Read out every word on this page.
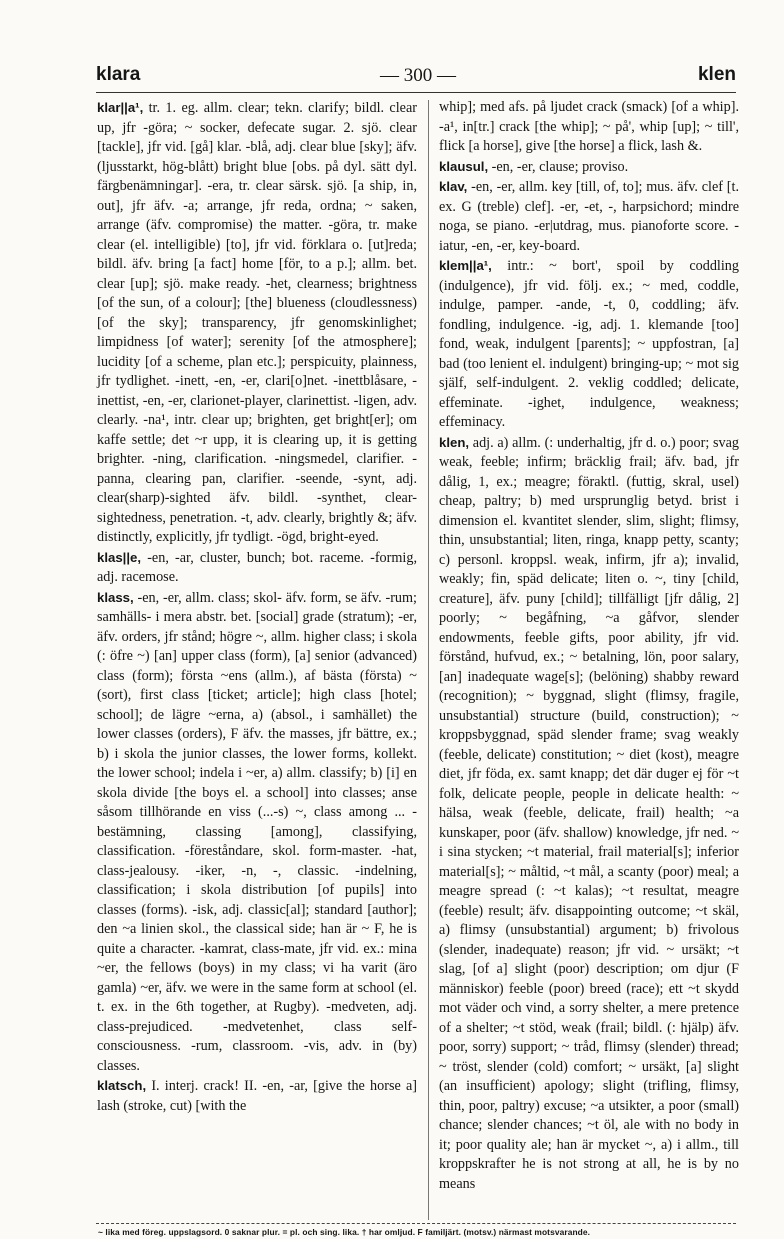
klara	— 300 —	klen

klar||a¹, tr. 1. eg. allm. clear; tekn. clarify; bildl. clear up, jfr -göra; ~ socker, defecate sugar. 2. sjö. clear [tackle], jfr vid. [gå] klar. -blå, adj. clear blue [sky]; äfv. (ljusstarkt, hög-blått) bright blue [obs. på dyl. sätt dyl. färgbenämningar]. -era, tr. clear särsk. sjö. [a ship, in, out], jfr äfv. -a; arrange, jfr reda, ordna; ~ saken, arrange (äfv. compromise) the matter. -göra, tr. make clear (el. intelligible) [to], jfr vid. förklara o. [ut]reda; bildl. äfv. bring [a fact] home [för, to a p.]; allm. bet. clear [up]; sjö. make ready. -het, clearness; brightness [of the sun, of a colour]; [the] blueness (cloudlessness) [of the sky]; transparency, jfr genomskinlighet; limpidness [of water]; serenity [of the atmosphere]; lucidity [of a scheme, plan etc.]; perspicuity, plainness, jfr tydlighet. -inett, -en, -er, clari[o]net. -inettblåsare, -inettist, -en, -er, clarionet-player, clarinettist. -ligen, adv. clearly. -na¹, intr. clear up; brighten, get bright[er]; om kaffe settle; det ~r upp, it is clearing up, it is getting brighter. -ning, clarification. -ningsmedel, clarifier. -panna, clearing pan, clarifier. -seende, -synt, adj. clear(sharp)-sighted äfv. bildl. -synthet, clear-sightedness, penetration. -t, adv. clearly, brightly &; äfv. distinctly, explicitly, jfr tydligt. -ögd, bright-eyed.

klas||e, -en, -ar, cluster, bunch; bot. raceme. -formig, adj. racemose.

klass, -en, -er, allm. class; skol- äfv. form, se äfv. -rum; samhälls- i mera abstr. bet. [social] grade (stratum); -er, äfv. orders, jfr stånd; högre ~, allm. higher class; i skola (: öfre ~) [an] upper class (form), [a] senior (advanced) class (form); första ~ens (allm.), af bästa (första) ~ (sort), first class [ticket; article]; high class [hotel; school]; de lägre ~erna, a) (absol., i samhället) the lower classes (orders), F äfv. the masses, jfr bättre, ex.; b) i skola the junior classes, the lower forms, kollekt. the lower school; indela i ~er, a) allm. classify; b) [i] en skola divide [the boys el. a school] into classes; anse såsom tillhörande en viss (...-s) ~, class among ... -bestämning, classing [among], classifying, classification. -föreståndare, skol. form-master. -hat, class-jealousy. -iker, -n, -, classic. -indelning, classification; i skola distribution [of pupils] into classes (forms). -isk, adj. classic[al]; standard [author]; den ~a linien skol., the classical side; han är ~ F, he is quite a character. -kamrat, class-mate, jfr vid. ex.: mina ~er, the fellows (boys) in my class; vi ha varit (äro gamla) ~er, äfv. we were in the same form at school (el. t. ex. in the 6th together, at Rugby). -medveten, adj. class-prejudiced. -medvetenhet, class self-consciousness. -rum, classroom. -vis, adv. in (by) classes.

klatsch, I. interj. crack! II. -en, -ar, [give the horse a] lash (stroke, cut) [with the

whip]; med afs. på ljudet crack (smack) [of a whip]. -a¹, in[tr.] crack [the whip]; ~ på', whip [up]; ~ till', flick [a horse], give [the horse] a flick, lash &.

klausul, -en, -er, clause; proviso.

klav, -en, -er, allm. key [till, of, to]; mus. äfv. clef [t. ex. G (treble) clef]. -er, -et, -, harpsichord; mindre noga, se piano. -er|utdrag, mus. pianoforte score. -iatur, -en, -er, key-board.

klem||a¹, intr.: ~ bort', spoil by coddling (indulgence), jfr vid. följ. ex.; ~ med, coddle, indulge, pamper. -ande, -t, 0, coddling; äfv. fondling, indulgence. -ig, adj. 1. klemande [too] fond, weak, indulgent [parents]; ~ uppfostran, [a] bad (too lenient el. indulgent) bringing-up; ~ mot sig själf, self-indulgent. 2. veklig coddled; delicate, effeminate. -ighet, indulgence, weakness; effeminacy.

klen, adj. a) allm. (: underhaltig, jfr d. o.) poor; svag weak, feeble; infirm; bräcklig frail; äfv. bad, jfr dålig, 1, ex.; meagre; föraktl. (futtig, skral, usel) cheap, paltry; b) med ursprunglig betyd. brist i dimension el. kvantitet slender, slim, slight; flimsy, thin, unsubstantial; liten, ringa, knapp petty, scanty; c) personl. kroppsl. weak, infirm, jfr a); invalid, weakly; fin, späd delicate; liten o. ~, tiny [child, creature], äfv. puny [child]; tillfälligt [jfr dålig, 2] poorly; ~ begåfning, ~a gåfvor, slender endowments, feeble gifts, poor ability, jfr vid. förstånd, hufvud, ex.; ~ betalning, lön, poor salary, [an] inadequate wage[s]; (belöning) shabby reward (recognition); ~ byggnad, slight (flimsy, fragile, unsubstantial) structure (build, construction); ~ kroppsbyggnad, späd slender frame; svag weakly (feeble, delicate) constitution; ~ diet (kost), meagre diet, jfr föda, ex. samt knapp; det där duger ej för ~t folk, delicate people, people in delicate health: ~ hälsa, weak (feeble, delicate, frail) health; ~a kunskaper, poor (äfv. shallow) knowledge, jfr ned. ~ i sina stycken; ~t material, frail material[s]; inferior material[s]; ~ måltid, ~t mål, a scanty (poor) meal; a meagre spread (: ~t kalas); ~t resultat, meagre (feeble) result; äfv. disappointing outcome; ~t skäl, a) flimsy (unsubstantial) argument; b) frivolous (slender, inadequate) reason; jfr vid. ~ ursäkt; ~t slag, [of a] slight (poor) description; om djur (F människor) feeble (poor) breed (race); ett ~t skydd mot väder och vind, a sorry shelter, a mere pretence of a shelter; ~t stöd, weak (frail; bildl. (: hjälp) äfv. poor, sorry) support; ~ tråd, flimsy (slender) thread; ~ tröst, slender (cold) comfort; ~ ursäkt, [a] slight (an insufficient) apology; slight (trifling, flimsy, thin, poor, paltry) excuse; ~a utsikter, a poor (small) chance; slender chances; ~t öl, ale with no body in it; poor quality ale; han är mycket ~, a) i allm., till kroppskrafter he is not strong at all, he is by no means

~ lika med föreg. uppslagsord. 0 saknar plur. = pl. och sing. lika. † har omljud. F familjärt. (motsv.) närmast motsvarande.
